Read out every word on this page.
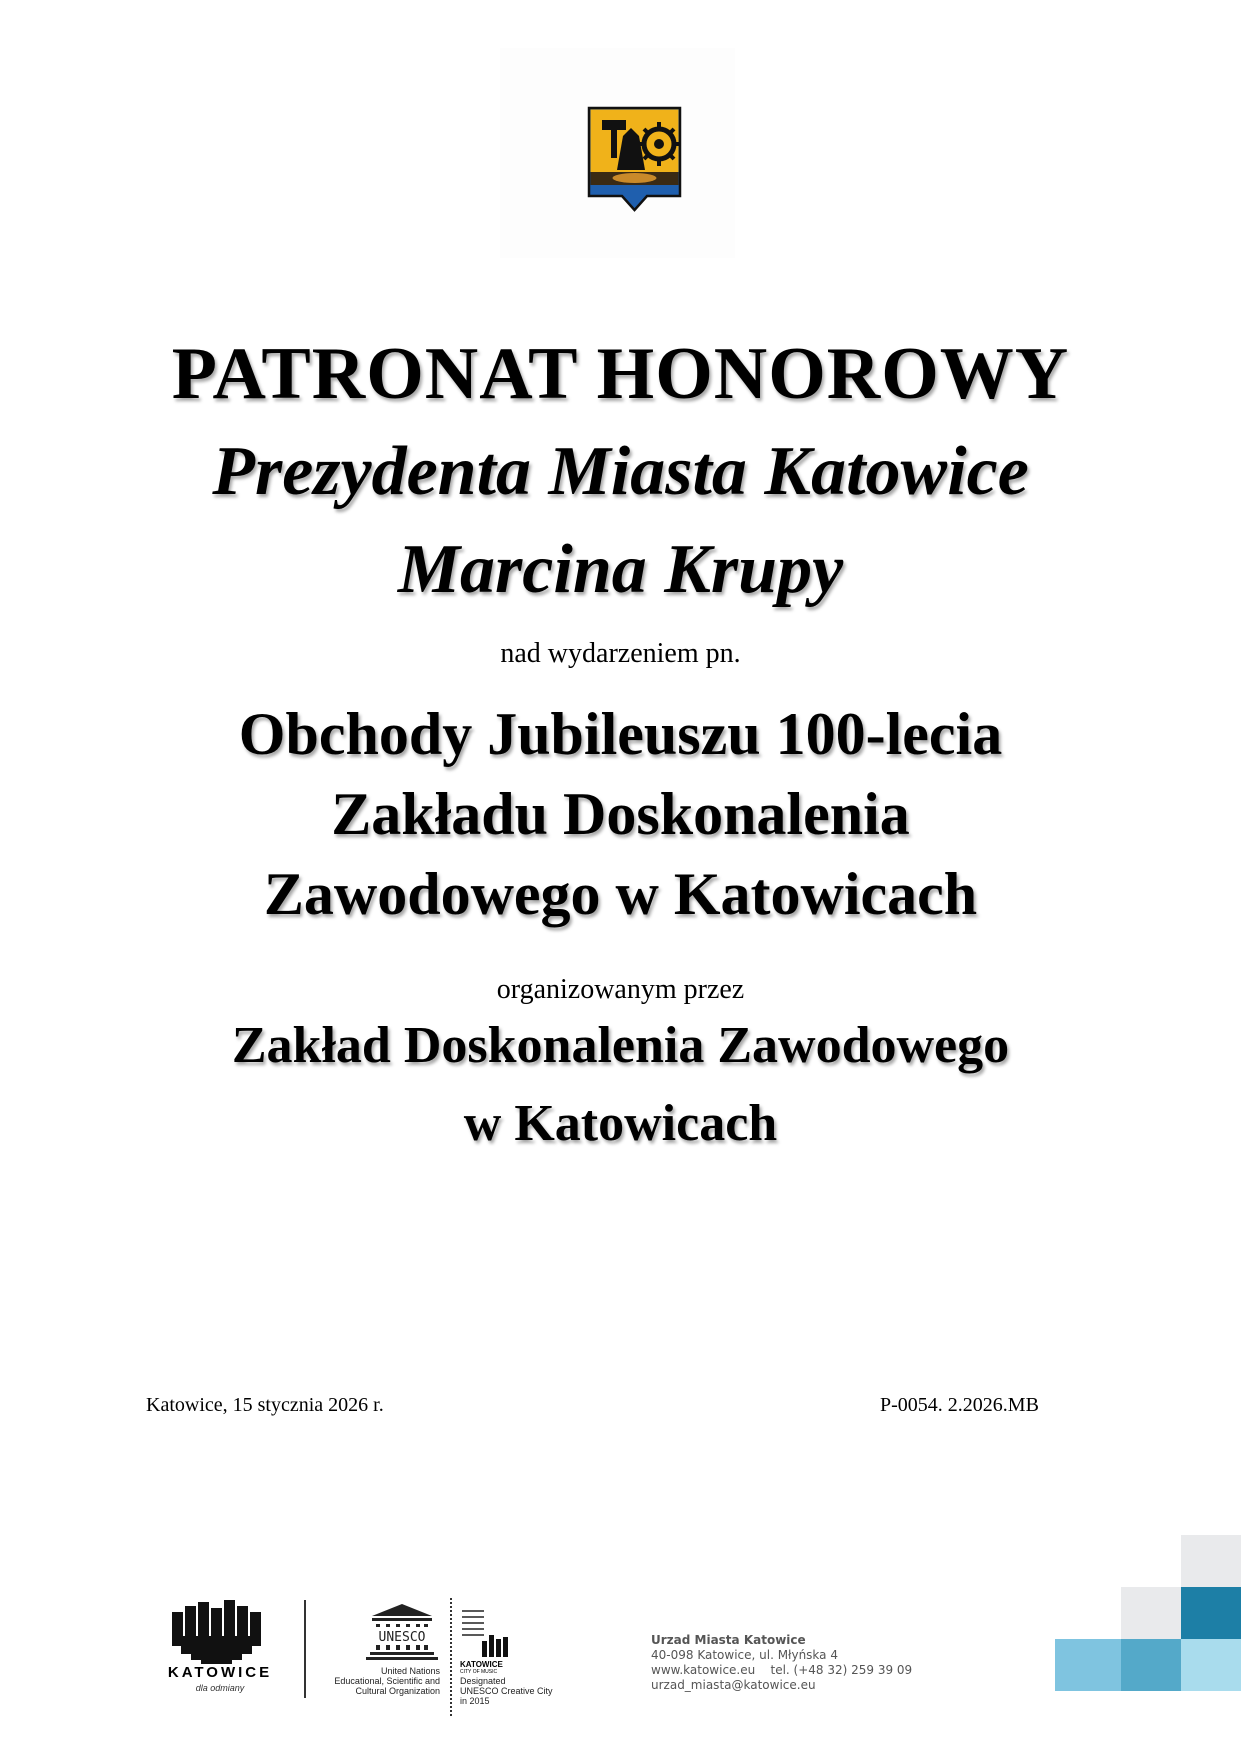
PATRONAT HONOROWY
Prezydenta Miasta Katowice
Marcina Krupy
nad wydarzeniem pn.
Obchody Jubileuszu 100-lecia
Zakładu Doskonalenia
Zawodowego w Katowicach
organizowanym przez
Zakład Doskonalenia Zawodowego
w Katowicach
Katowice, 15 stycznia 2026 r.	P-0054. 2.2026.MB
KATOWICE
dla odmiany
UNESCO
United Nations
Educational, Scientific and
Cultural Organization
KATOWICE
CITY OF MUSIC
Designated
UNESCO Creative City
in 2015
Urzad Miasta Katowice
40-098 Katowice, ul. Młyńska 4
www.katowice.eu    tel. (+48 32) 259 39 09
urzad_miasta@katowice.eu
